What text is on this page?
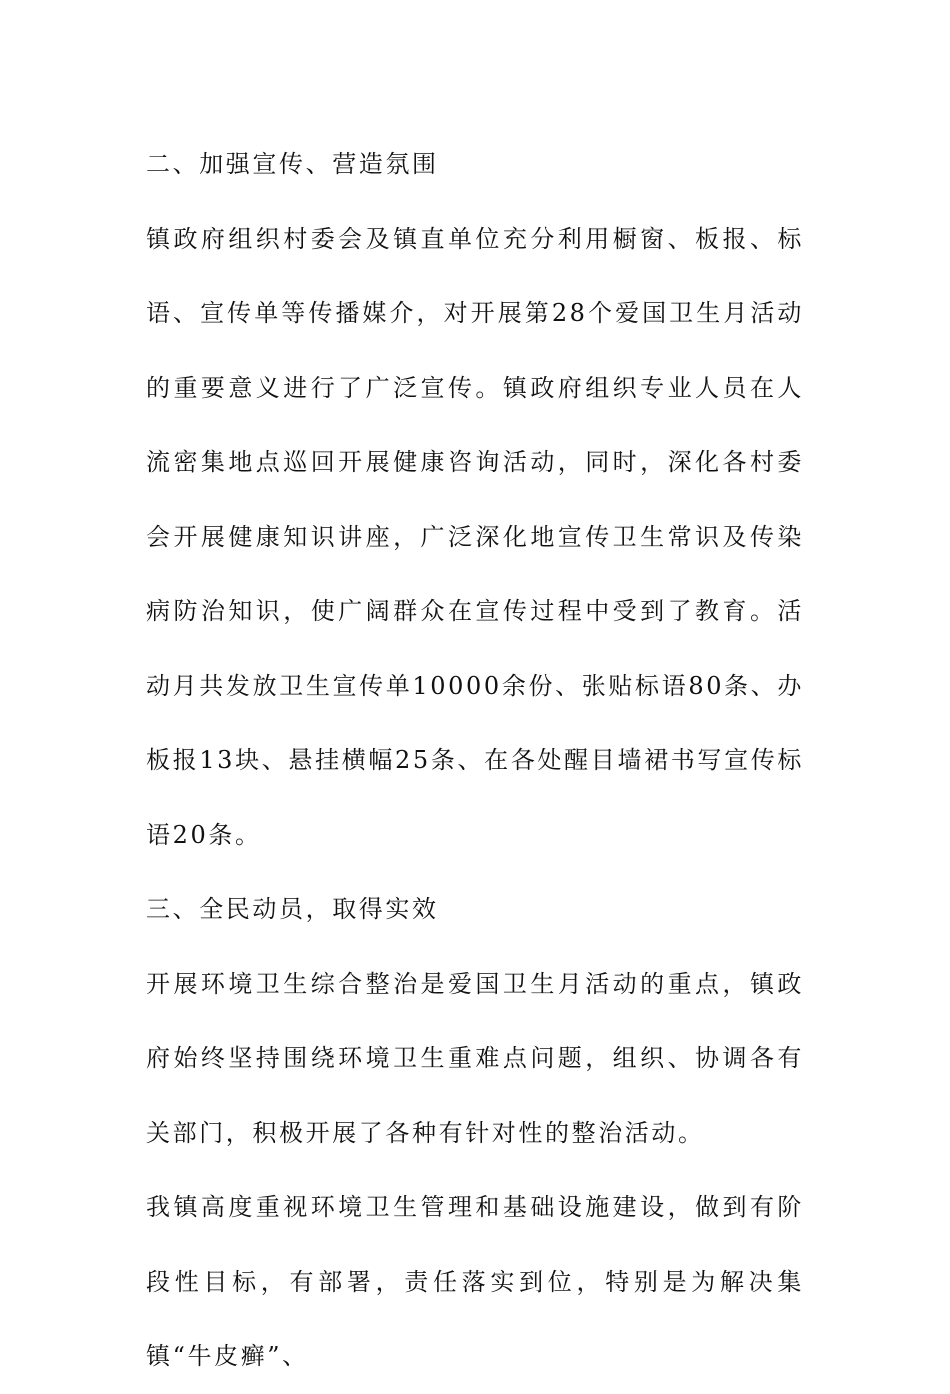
二、加强宣传、营造氛围

镇政府组织村委会及镇直单位充分利用橱窗、板报、标语、宣传单等传播媒介，对开展第28个爱国卫生月活动的重要意义进行了广泛宣传。镇政府组织专业人员在人流密集地点巡回开展健康咨询活动，同时，深化各村委会开展健康知识讲座，广泛深化地宣传卫生常识及传染病防治知识，使广阔群众在宣传过程中受到了教育。活动月共发放卫生宣传单10000余份、张贴标语80条、办板报13块、悬挂横幅25条、在各处醒目墙裙书写宣传标语20条。

三、全民动员，取得实效

开展环境卫生综合整治是爱国卫生月活动的重点，镇政府始终坚持围绕环境卫生重难点问题，组织、协调各有关部门，积极开展了各种有针对性的整治活动。

我镇高度重视环境卫生管理和基础设施建设，做到有阶段性目标，有部署，责任落实到位，特别是为解决集镇“牛皮癣”、
